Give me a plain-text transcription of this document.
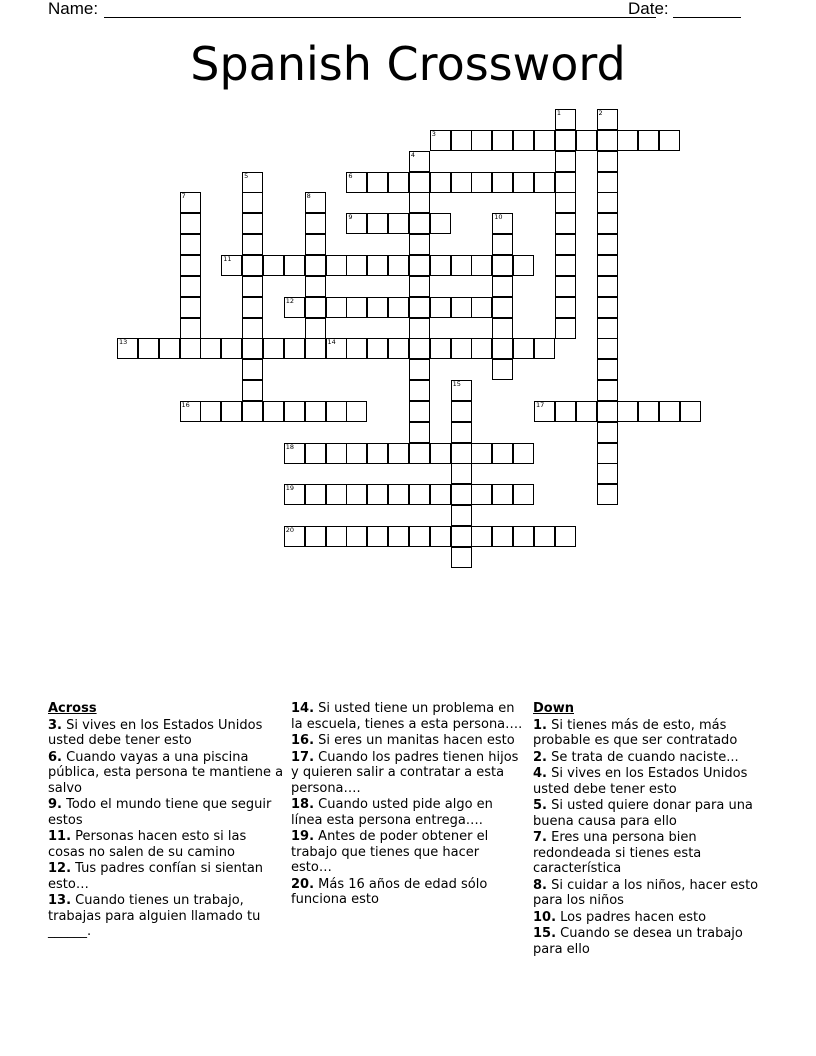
Name:	Date:
Spanish Crossword
1	2
3
4
5	6
7	8
9	10
11
12
13	14
15
16	17
18
19
20
Across
3. Si vives en los Estados Unidos usted debe tener esto
6. Cuando vayas a una piscina pública, esta persona te mantiene a salvo
9. Todo el mundo tiene que seguir estos
11. Personas hacen esto si las cosas no salen de su camino
12. Tus padres confían si sientan esto…
13. Cuando tienes un trabajo, trabajas para alguien llamado tu ______.
14. Si usted tiene un problema en la escuela, tienes a esta persona….
16. Si eres un manitas hacen esto
17. Cuando los padres tienen hijos y quieren salir a contratar a esta persona….
18. Cuando usted pide algo en línea esta persona entrega….
19. Antes de poder obtener el trabajo que tienes que hacer esto…
20. Más 16 años de edad sólo funciona esto
Down
1. Si tienes más de esto, más probable es que ser contratado
2. Se trata de cuando naciste...
4. Si vives en los Estados Unidos usted debe tener esto
5. Si usted quiere donar para una buena causa para ello
7. Eres una persona bien redondeada si tienes esta característica
8. Si cuidar a los niños, hacer esto para los niños
10. Los padres hacen esto
15. Cuando se desea un trabajo para ello
